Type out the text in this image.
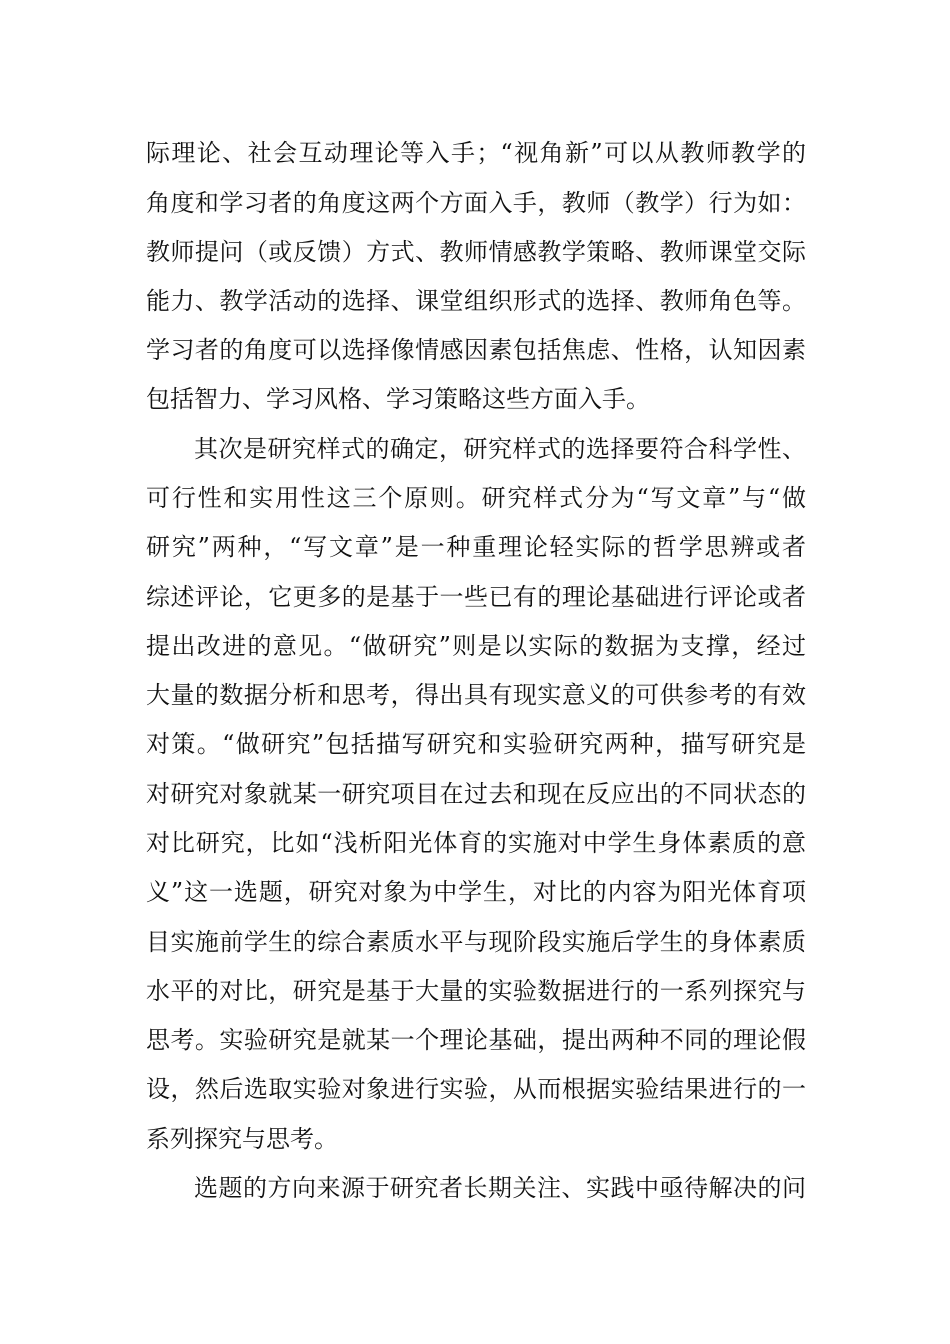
际理论、社会互动理论等入手；“视角新”可以从教师教学的
角度和学习者的角度这两个方面入手，教师（教学）行为如：
教师提问（或反馈）方式、教师情感教学策略、教师课堂交际
能力、教学活动的选择、课堂组织形式的选择、教师角色等。
学习者的角度可以选择像情感因素包括焦虑、性格，认知因素
包括智力、学习风格、学习策略这些方面入手。
其次是研究样式的确定，研究样式的选择要符合科学性、
可行性和实用性这三个原则。研究样式分为“写文章”与“做
研究”两种，“写文章”是一种重理论轻实际的哲学思辨或者
综述评论，它更多的是基于一些已有的理论基础进行评论或者
提出改进的意见。“做研究”则是以实际的数据为支撑，经过
大量的数据分析和思考，得出具有现实意义的可供参考的有效
对策。“做研究”包括描写研究和实验研究两种，描写研究是
对研究对象就某一研究项目在过去和现在反应出的不同状态的
对比研究，比如“浅析阳光体育的实施对中学生身体素质的意
义”这一选题，研究对象为中学生，对比的内容为阳光体育项
目实施前学生的综合素质水平与现阶段实施后学生的身体素质
水平的对比，研究是基于大量的实验数据进行的一系列探究与
思考。实验研究是就某一个理论基础，提出两种不同的理论假
设，然后选取实验对象进行实验，从而根据实验结果进行的一
系列探究与思考。
选题的方向来源于研究者长期关注、实践中亟待解决的问
